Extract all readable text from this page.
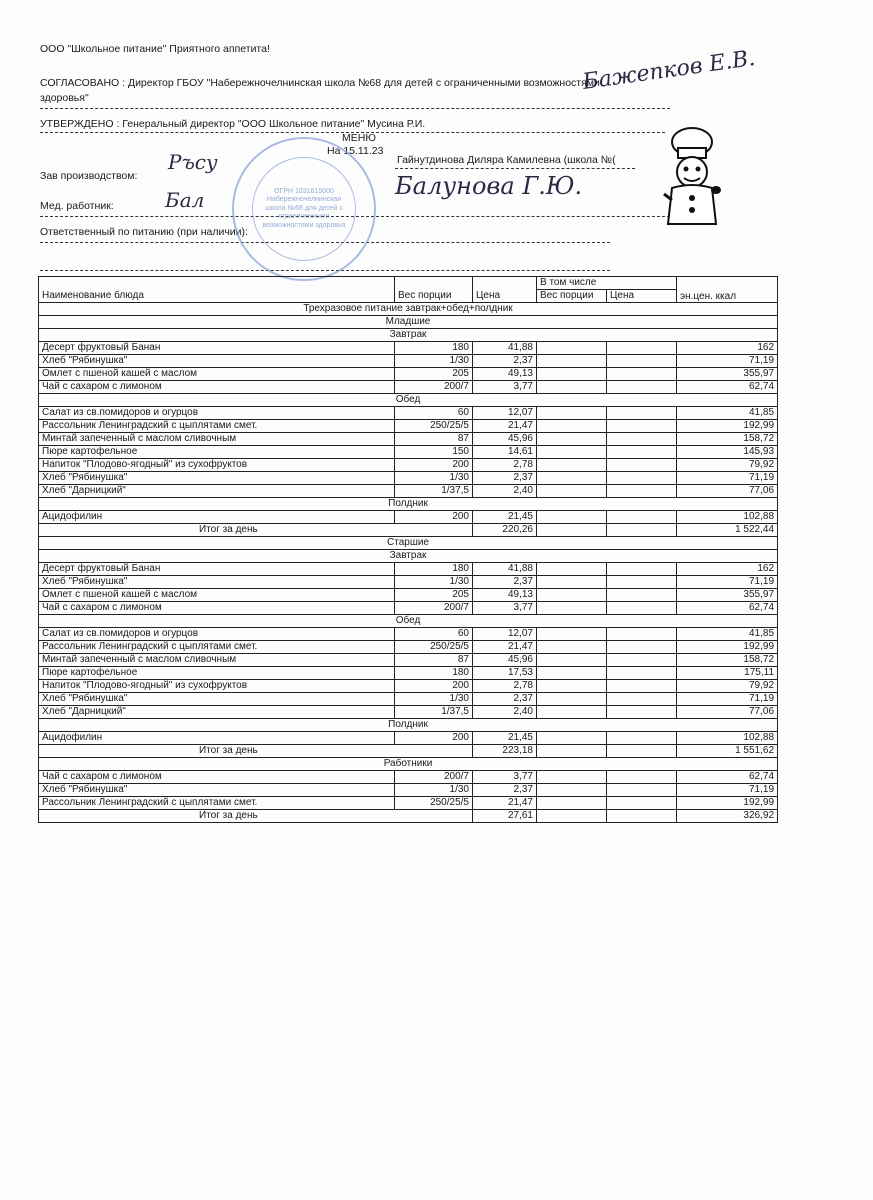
ООО "Школьное питание" Приятного аппетита!
СОГЛАСОВАНО : Директор ГБОУ "Набережночелнинская школа №68 для детей с ограниченными возможностями
здоровья"
УТВЕРЖДЕНО : Генеральный директор "ООО Школьное питание" Мусина Р.И.
МЕНЮ
На 15.11.23
Зав производством:
Гайнутдинова Диляра Камилевна (школа №(
Мед. работник:
Ответственный по питанию (при наличии):
Бажепков Е.В.
Ръсу
Бал	Балунова Г.Ю.
ОГРН 1031619000 Набережночелнинская школа №68 для детей с ограниченными возможностями здоровья
Наименование блюда	Вес порции	Цена	В том числе		эн.цен. ккал
			Вес порции	Цена	
Трехразовое питание завтрак+обед+полдник					
Младшие					
Завтрак					
Десерт фруктовый Банан	180	41,88			162
Хлеб "Рябинушка"	1/30	2,37			71,19
Омлет с пшеной кашей с маслом	205	49,13			355,97
Чай с сахаром с лимоном	200/7	3,77			62,74
Обед					
Салат из св.помидоров и огурцов	60	12,07			41,85
Рассольник Ленинградский с цыплятами смет.	250/25/5	21,47			192,99
Минтай запеченный с маслом сливочным	87	45,96			158,72
Пюре картофельное	150	14,61			145,93
Напиток "Плодово-ягодный" из сухофруктов	200	2,78			79,92
Хлеб "Рябинушка"	1/30	2,37			71,19
Хлеб "Дарницкий"	1/37,5	2,40			77,06
Полдник					
Ацидофилин	200	21,45			102,88
Итог за день		220,26			1 522,44
Старшие					
Завтрак					
Десерт фруктовый Банан	180	41,88			162
Хлеб "Рябинушка"	1/30	2,37			71,19
Омлет с пшеной кашей с маслом	205	49,13			355,97
Чай с сахаром с лимоном	200/7	3,77			62,74
Обед					
Салат из св.помидоров и огурцов	60	12,07			41,85
Рассольник Ленинградский с цыплятами смет.	250/25/5	21,47			192,99
Минтай запеченный с маслом сливочным	87	45,96			158,72
Пюре картофельное	180	17,53			175,11
Напиток "Плодово-ягодный" из сухофруктов	200	2,78			79,92
Хлеб "Рябинушка"	1/30	2,37			71,19
Хлеб "Дарницкий"	1/37,5	2,40			77,06
Полдник					
Ацидофилин	200	21,45			102,88
Итог за день		223,18			1 551,62
Работники					
Чай с сахаром с лимоном	200/7	3,77			62,74
Хлеб "Рябинушка"	1/30	2,37			71,19
Рассольник Ленинградский с цыплятами смет.	250/25/5	21,47			192,99
Итог за день		27,61			326,92
